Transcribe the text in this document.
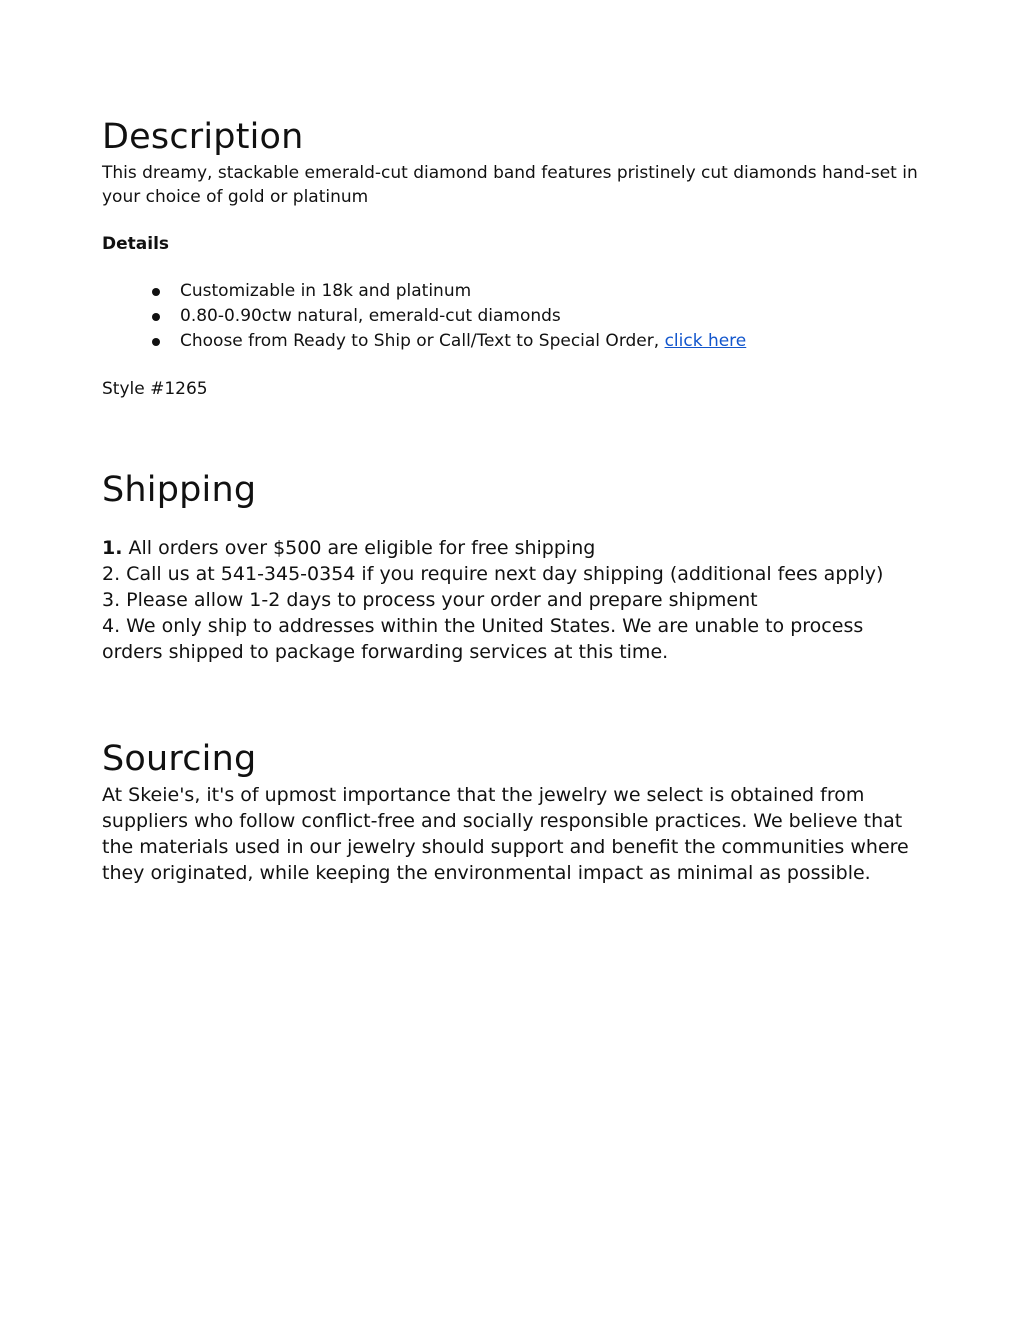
Description

This dreamy, stackable emerald-cut diamond band features pristinely cut diamonds hand-set in your choice of gold or platinum

Details

Customizable in 18k and platinum
0.80-0.90ctw natural, emerald-cut diamonds
Choose from Ready to Ship or Call/Text to Special Order, click here

Style #1265

Shipping

1. All orders over $500 are eligible for free shipping

2. Call us at 541-345-0354 if you require next day shipping (additional fees apply)

3. Please allow 1-2 days to process your order and prepare shipment

4. We only ship to addresses within the United States. We are unable to process orders shipped to package forwarding services at this time.

Sourcing

At Skeie's, it's of upmost importance that the jewelry we select is obtained from suppliers who follow conflict-free and socially responsible practices. We believe that the materials used in our jewelry should support and benefit the communities where they originated, while keeping the environmental impact as minimal as possible.
